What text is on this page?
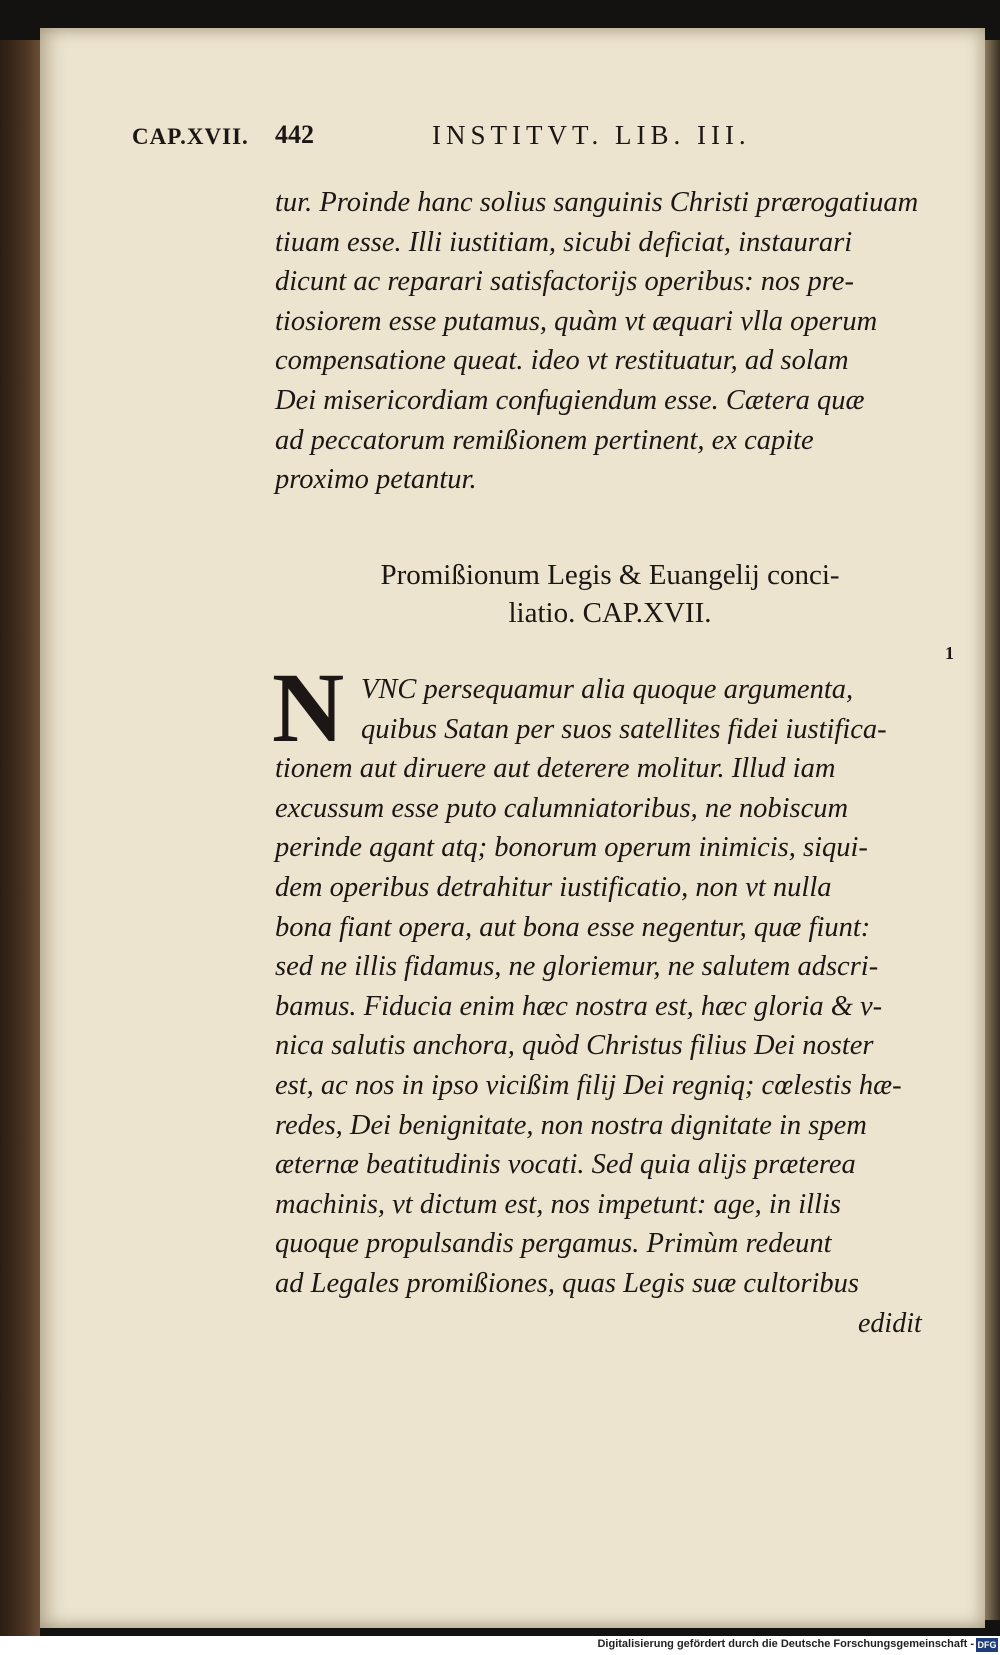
CAP.XVII. 442	INSTITVT. LIB. III.
tur. Proinde hanc solius sanguinis Christi prærogatiuam
tiuam esse. Illi iustitiam, sicubi deficiat, instaurari
dicunt ac reparari satisfactorijs operibus: nos pre-
tiosiorem esse putamus, quàm vt æquari vlla operum
compensatione queat. ideo vt restituatur, ad solam
Dei misericordiam confugiendum esse. Cætera quæ
ad peccatorum remißionem pertinent, ex capite
proximo petantur.
Promißionum Legis & Euangelij conci-
liatio. CAP.XVII.
N	1
VNC persequamur alia quoque argumenta,
quibus Satan per suos satellites fidei iustifica-
tionem aut diruere aut deterere molitur. Illud iam
excussum esse puto calumniatoribus, ne nobiscum
perinde agant atq; bonorum operum inimicis, siqui-
dem operibus detrahitur iustificatio, non vt nulla
bona fiant opera, aut bona esse negentur, quæ fiunt:
sed ne illis fidamus, ne gloriemur, ne salutem adscri-
bamus. Fiducia enim hæc nostra est, hæc gloria & v-
nica salutis anchora, quòd Christus filius Dei noster
est, ac nos in ipso vicißim filij Dei regniq; cœlestis hæ-
redes, Dei benignitate, non nostra dignitate in spem
æternæ beatitudinis vocati. Sed quia alijs præterea
machinis, vt dictum est, nos impetunt: age, in illis
quoque propulsandis pergamus. Primùm redeunt
ad Legales promißiones, quas Legis suæ cultoribus
edidit
Digitalisierung gefördert durch die Deutsche Forschungsgemeinschaft - DFG
